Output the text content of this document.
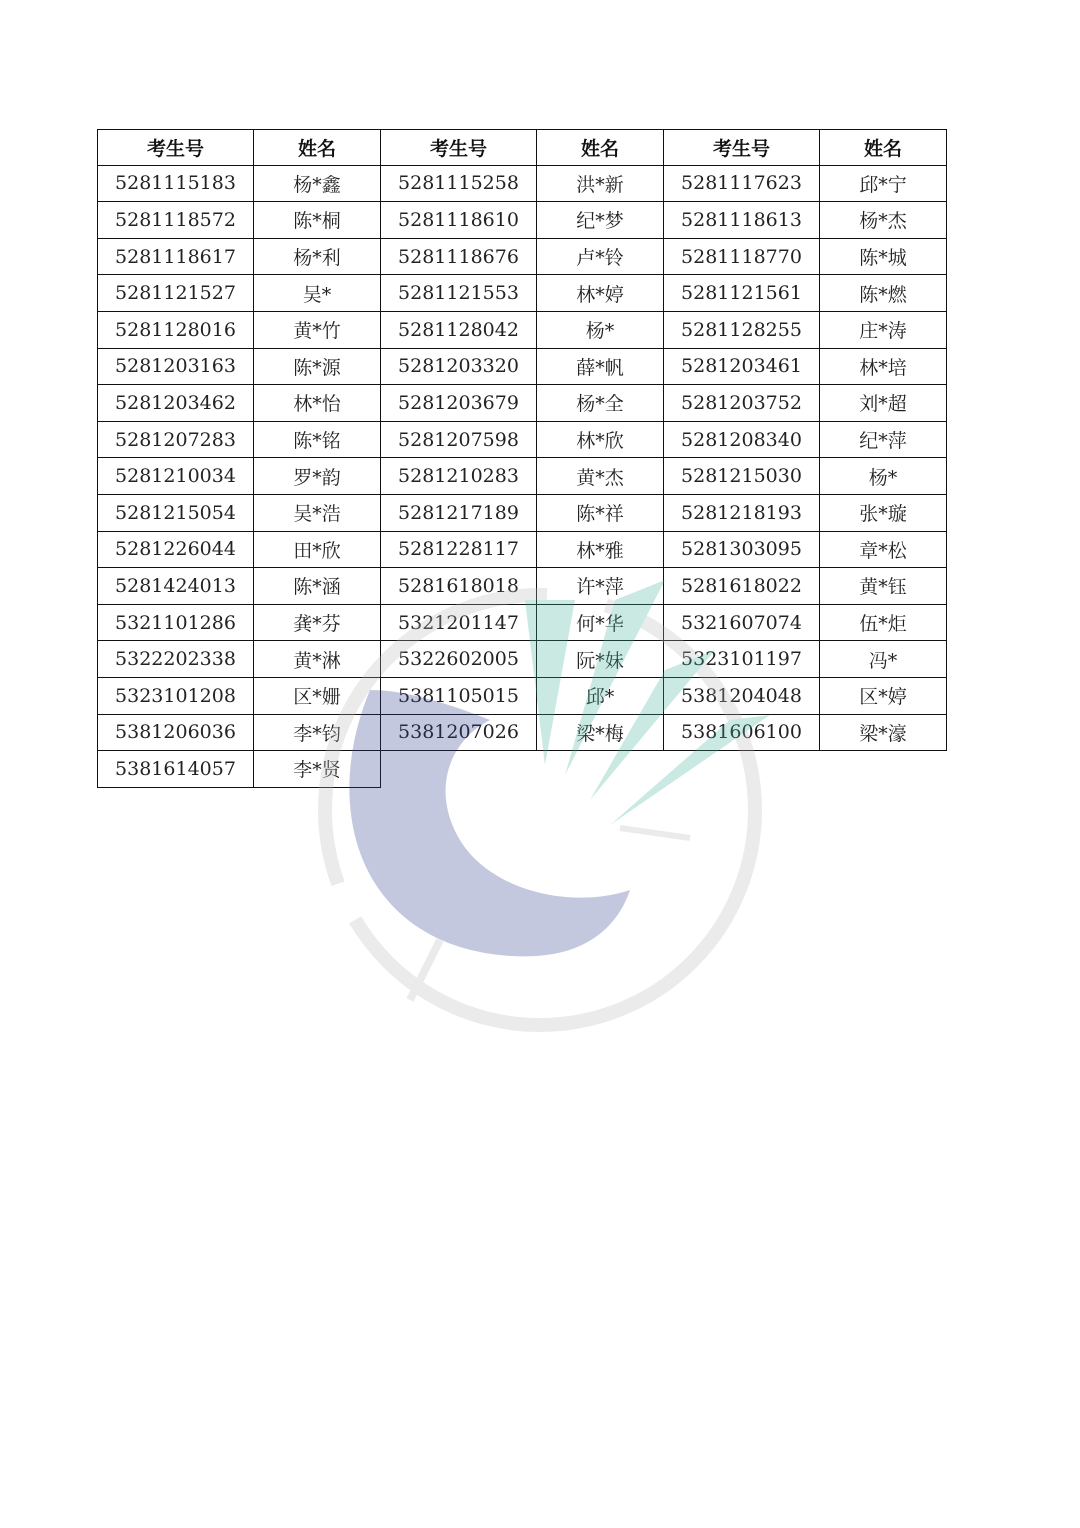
考生号	姓名	考生号	姓名	考生号	姓名
5281115183	杨*鑫	5281115258	洪*新	5281117623	邱*宁
5281118572	陈*桐	5281118610	纪*梦	5281118613	杨*杰
5281118617	杨*利	5281118676	卢*铃	5281118770	陈*城
5281121527	吴*	5281121553	林*婷	5281121561	陈*燃
5281128016	黄*竹	5281128042	杨*	5281128255	庄*涛
5281203163	陈*源	5281203320	薛*帆	5281203461	林*培
5281203462	林*怡	5281203679	杨*全	5281203752	刘*超
5281207283	陈*铭	5281207598	林*欣	5281208340	纪*萍
5281210034	罗*韵	5281210283	黄*杰	5281215030	杨*
5281215054	吴*浩	5281217189	陈*祥	5281218193	张*璇
5281226044	田*欣	5281228117	林*雅	5281303095	章*松
5281424013	陈*涵	5281618018	许*萍	5281618022	黄*钰
5321101286	龚*芬	5321201147	何*华	5321607074	伍*炬
5322202338	黄*淋	5322602005	阮*妹	5323101197	冯*
5323101208	区*姗	5381105015	邱*	5381204048	区*婷
5381206036	李*钧	5381207026	梁*梅	5381606100	梁*濠
5381614057	李*贤
